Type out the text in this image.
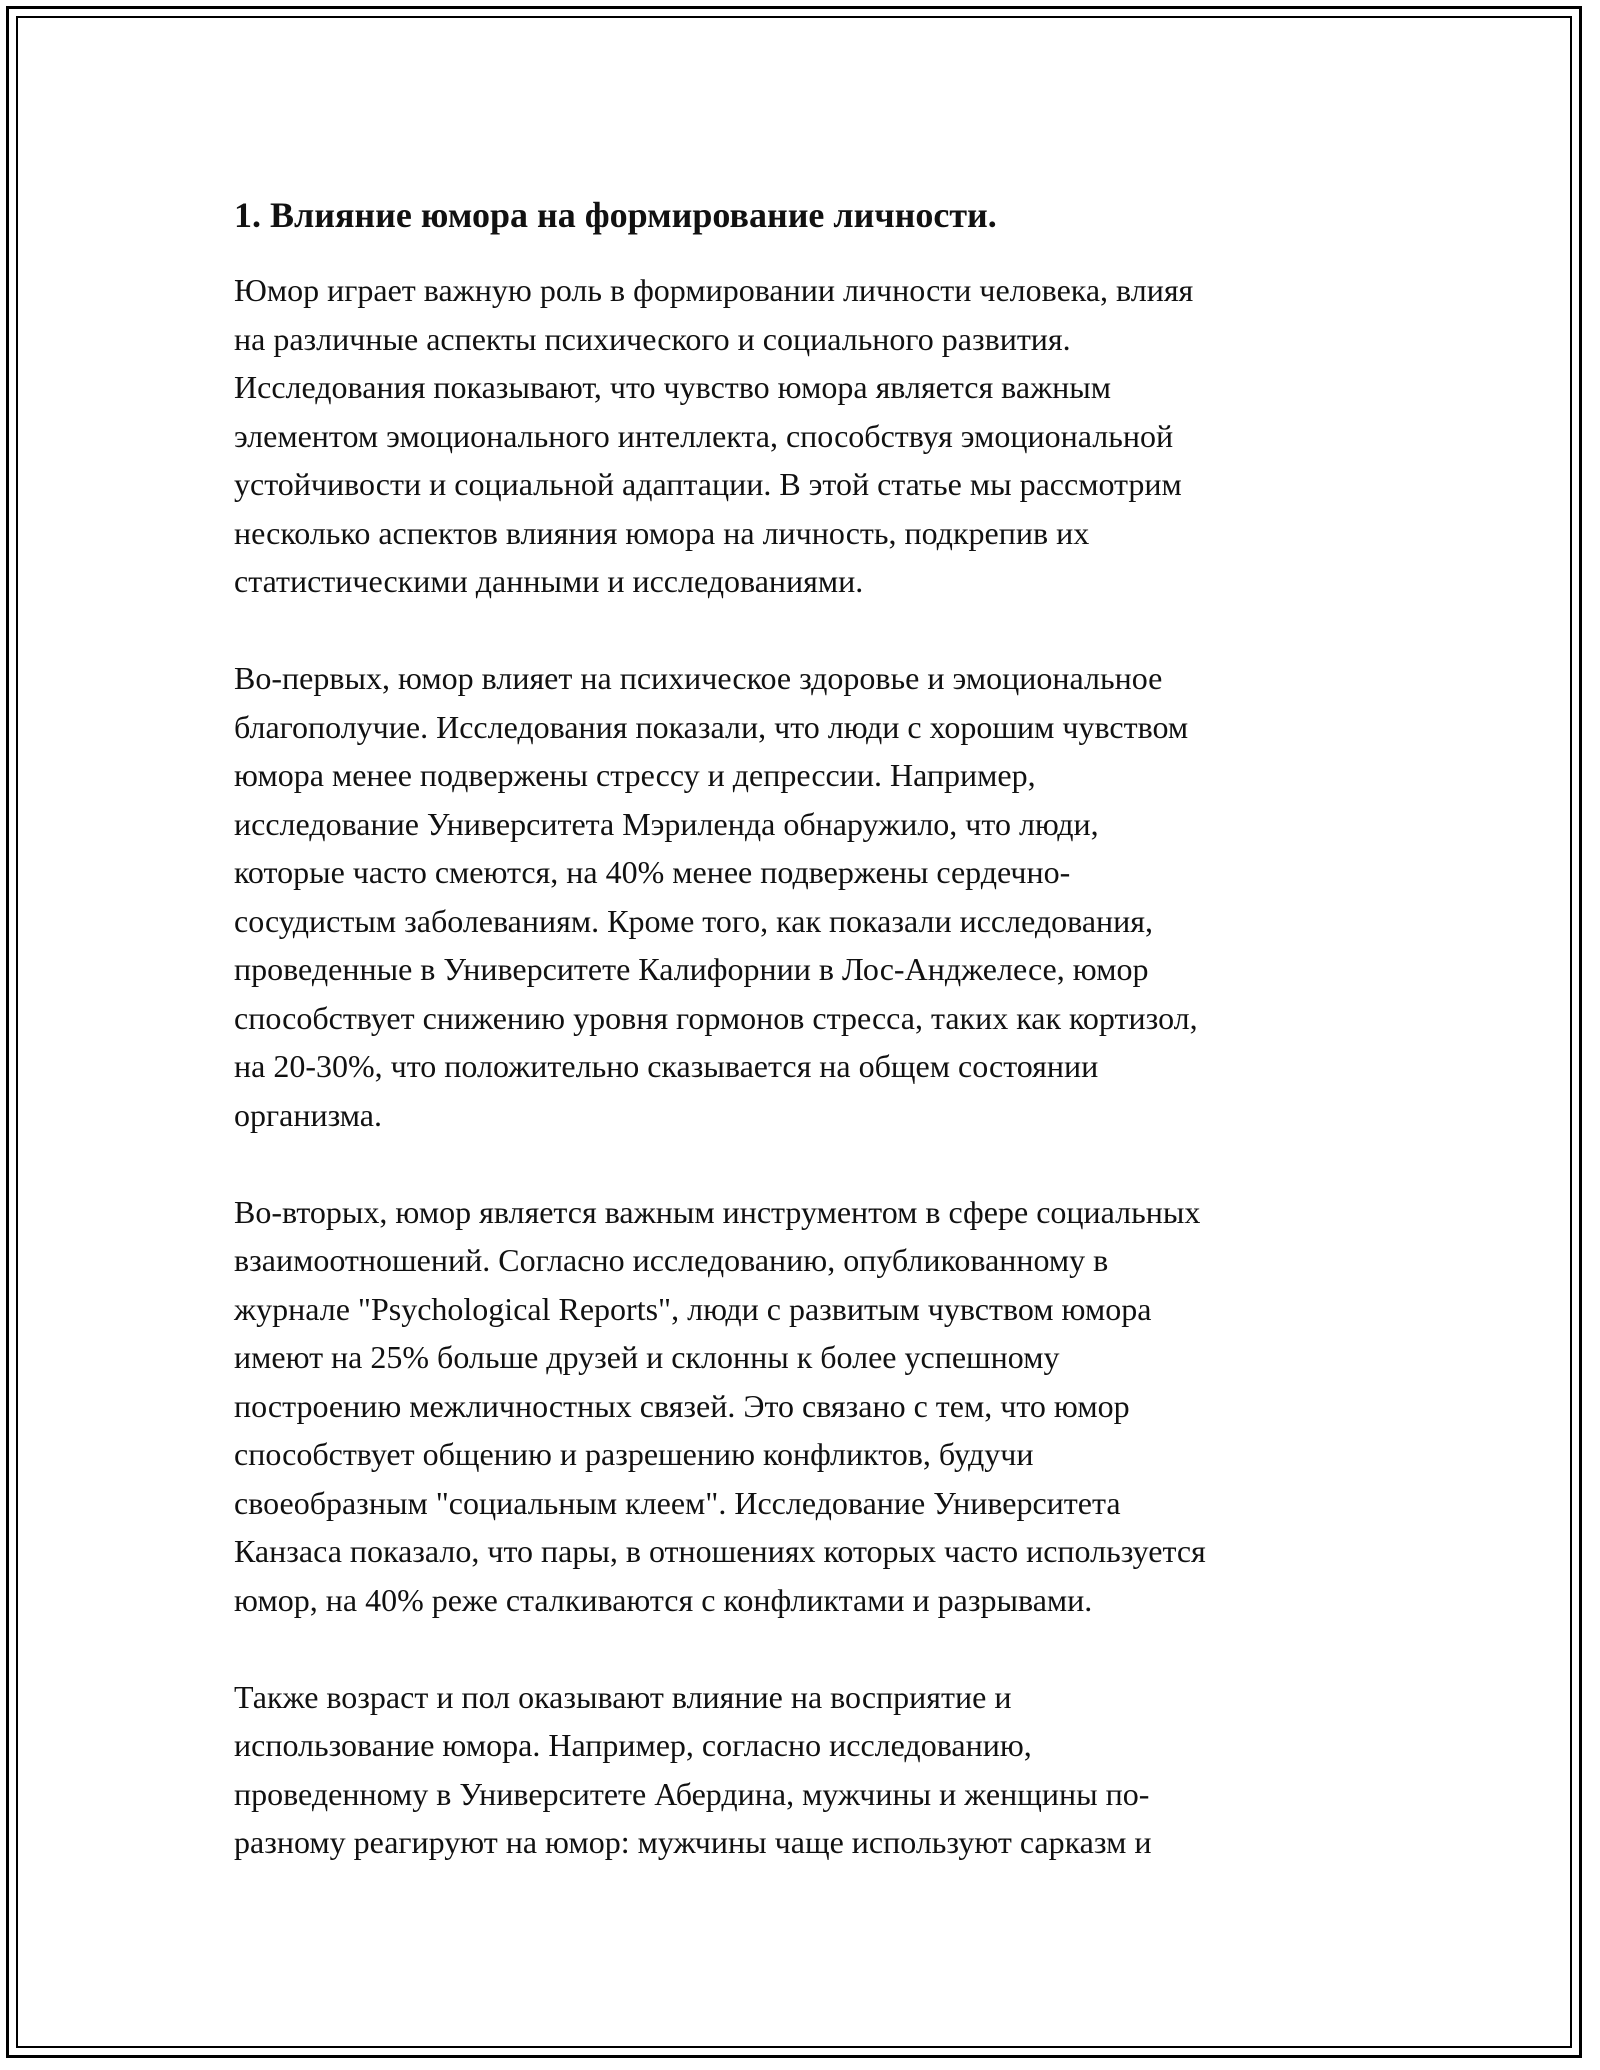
1. Влияние юмора на формирование личности.

Юмор играет важную роль в формировании личности человека, влияя
на различные аспекты психического и социального развития.
Исследования показывают, что чувство юмора является важным
элементом эмоционального интеллекта, способствуя эмоциональной
устойчивости и социальной адаптации. В этой статье мы рассмотрим
несколько аспектов влияния юмора на личность, подкрепив их
статистическими данными и исследованиями.

Во-первых, юмор влияет на психическое здоровье и эмоциональное
благополучие. Исследования показали, что люди с хорошим чувством
юмора менее подвержены стрессу и депрессии. Например,
исследование Университета Мэриленда обнаружило, что люди,
которые часто смеются, на 40% менее подвержены сердечно-
сосудистым заболеваниям. Кроме того, как показали исследования,
проведенные в Университете Калифорнии в Лос-Анджелесе, юмор
способствует снижению уровня гормонов стресса, таких как кортизол,
на 20-30%, что положительно сказывается на общем состоянии
организма.

Во-вторых, юмор является важным инструментом в сфере социальных
взаимоотношений. Согласно исследованию, опубликованному в
журнале "Psychological Reports", люди с развитым чувством юмора
имеют на 25% больше друзей и склонны к более успешному
построению межличностных связей. Это связано с тем, что юмор
способствует общению и разрешению конфликтов, будучи
своеобразным "социальным клеем". Исследование Университета
Канзаса показало, что пары, в отношениях которых часто используется
юмор, на 40% реже сталкиваются с конфликтами и разрывами.

Также возраст и пол оказывают влияние на восприятие и
использование юмора. Например, согласно исследованию,
проведенному в Университете Абердина, мужчины и женщины по-
разному реагируют на юмор: мужчины чаще используют сарказм и
